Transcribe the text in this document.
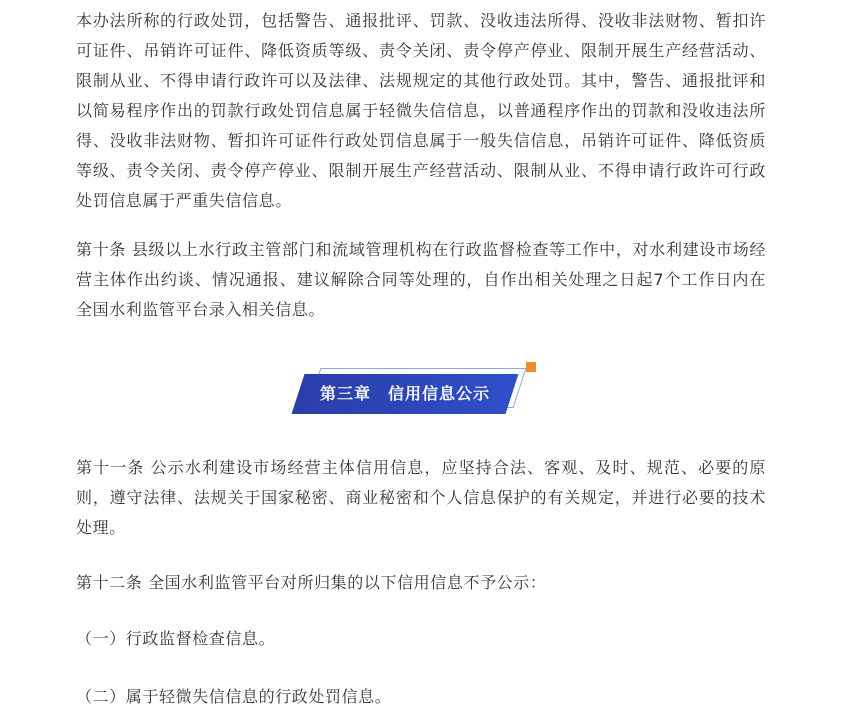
本办法所称的行政处罚，包括警告、通报批评、罚款、没收违法所得、没收非法财物、暂扣许可证件、吊销许可证件、降低资质等级、责令关闭、责令停产停业、限制开展生产经营活动、限制从业、不得申请行政许可以及法律、法规规定的其他行政处罚。其中，警告、通报批评和以简易程序作出的罚款行政处罚信息属于轻微失信信息，以普通程序作出的罚款和没收违法所得、没收非法财物、暂扣许可证件行政处罚信息属于一般失信信息，吊销许可证件、降低资质等级、责令关闭、责令停产停业、限制开展生产经营活动、限制从业、不得申请行政许可行政处罚信息属于严重失信信息。

第十条 县级以上水行政主管部门和流域管理机构在行政监督检查等工作中，对水利建设市场经营主体作出约谈、情况通报、建议解除合同等处理的，自作出相关处理之日起7个工作日内在全国水利监管平台录入相关信息。

第十一条 公示水利建设市场经营主体信用信息，应坚持合法、客观、及时、规范、必要的原则，遵守法律、法规关于国家秘密、商业秘密和个人信息保护的有关规定，并进行必要的技术处理。

第十二条 全国水利监管平台对所归集的以下信用信息不予公示：

（一）行政监督检查信息。

（二）属于轻微失信信息的行政处罚信息。

第三章　信用信息公示
